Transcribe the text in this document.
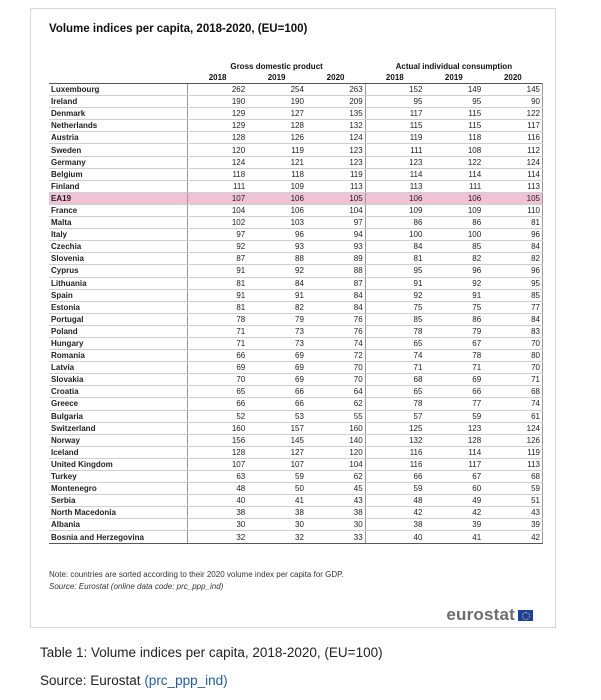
Volume indices per capita, 2018-2020, (EU=100)
	Gross domestic product			Actual individual consumption		
	2018	2019	2020	2018	2019	2020
Luxembourg	262	254	263	152	149	145
Ireland	190	190	209	95	95	90
Denmark	129	127	135	117	115	122
Netherlands	129	128	132	115	115	117
Austria	128	126	124	119	118	116
Sweden	120	119	123	111	108	112
Germany	124	121	123	123	122	124
Belgium	118	118	119	114	114	114
Finland	111	109	113	113	111	113
EA19	107	106	105	106	106	105
France	104	106	104	109	109	110
Malta	102	103	97	86	86	81
Italy	97	96	94	100	100	96
Czechia	92	93	93	84	85	84
Slovenia	87	88	89	81	82	82
Cyprus	91	92	88	95	96	96
Lithuania	81	84	87	91	92	95
Spain	91	91	84	92	91	85
Estonia	81	82	84	75	75	77
Portugal	78	79	76	85	86	84
Poland	71	73	76	78	79	83
Hungary	71	73	74	65	67	70
Romania	66	69	72	74	78	80
Latvia	69	69	70	71	71	70
Slovakia	70	69	70	68	69	71
Croatia	65	66	64	65	66	68
Greece	66	66	62	78	77	74
Bulgaria	52	53	55	57	59	61
Switzerland	160	157	160	125	123	124
Norway	156	145	140	132	128	126
Iceland	128	127	120	116	114	119
United Kingdom	107	107	104	116	117	113
Turkey	63	59	62	66	67	68
Montenegro	48	50	45	59	60	59
Serbia	40	41	43	48	49	51
North Macedonia	38	38	38	42	42	43
Albania	30	30	30	38	39	39
Bosnia and Herzegovina	32	32	33	40	41	42
Note: countries are sorted according to their 2020 volume index per capita for GDP.
Source: Eurostat (online data code: prc_ppp_ind)
eurostat
Table 1: Volume indices per capita, 2018-2020, (EU=100)
Source: Eurostat (prc_ppp_ind)
